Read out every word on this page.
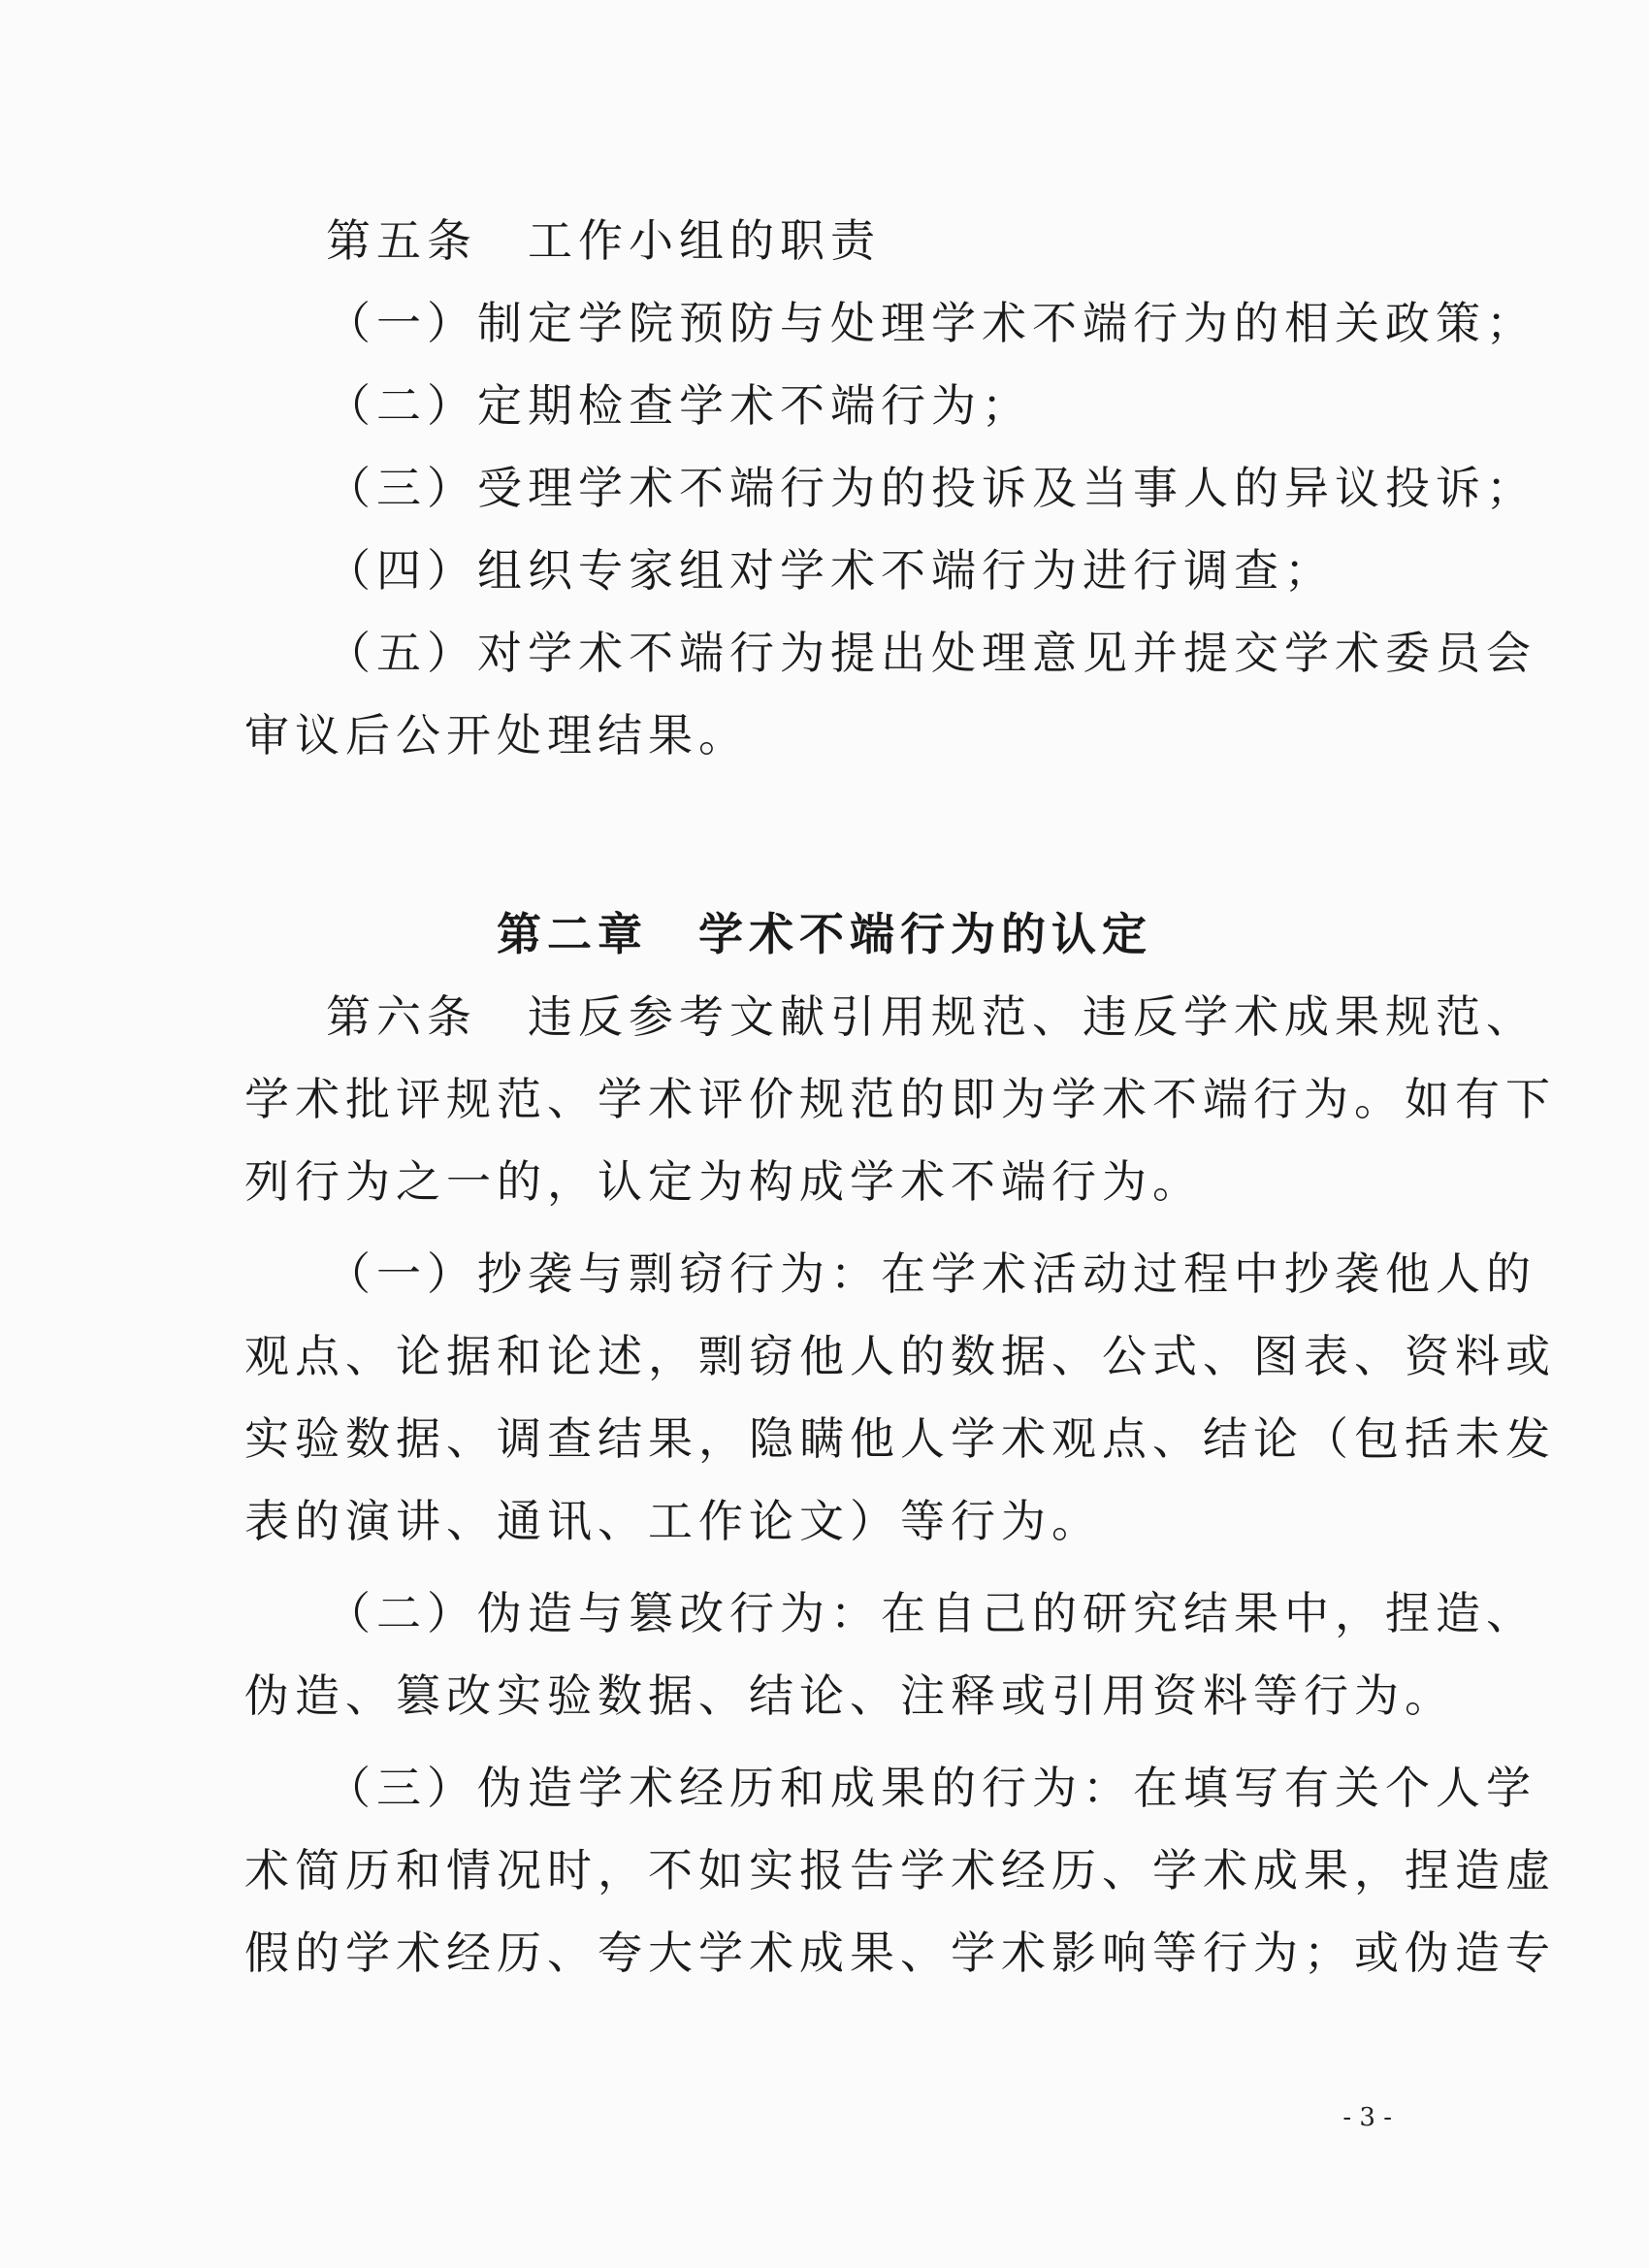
第五条　工作小组的职责
（一）制定学院预防与处理学术不端行为的相关政策；
（二）定期检查学术不端行为；
（三）受理学术不端行为的投诉及当事人的异议投诉；
（四）组织专家组对学术不端行为进行调查；
（五）对学术不端行为提出处理意见并提交学术委员会
审议后公开处理结果。
第二章　学术不端行为的认定
第六条　违反参考文献引用规范、违反学术成果规范、
学术批评规范、学术评价规范的即为学术不端行为。如有下
列行为之一的，认定为构成学术不端行为。
（一）抄袭与剽窃行为：在学术活动过程中抄袭他人的
观点、论据和论述，剽窃他人的数据、公式、图表、资料或
实验数据、调查结果，隐瞒他人学术观点、结论（包括未发
表的演讲、通讯、工作论文）等行为。
（二）伪造与篡改行为：在自己的研究结果中，捏造、
伪造、篡改实验数据、结论、注释或引用资料等行为。
（三）伪造学术经历和成果的行为：在填写有关个人学
术简历和情况时，不如实报告学术经历、学术成果，捏造虚
假的学术经历、夸大学术成果、学术影响等行为；或伪造专
- 3 -
